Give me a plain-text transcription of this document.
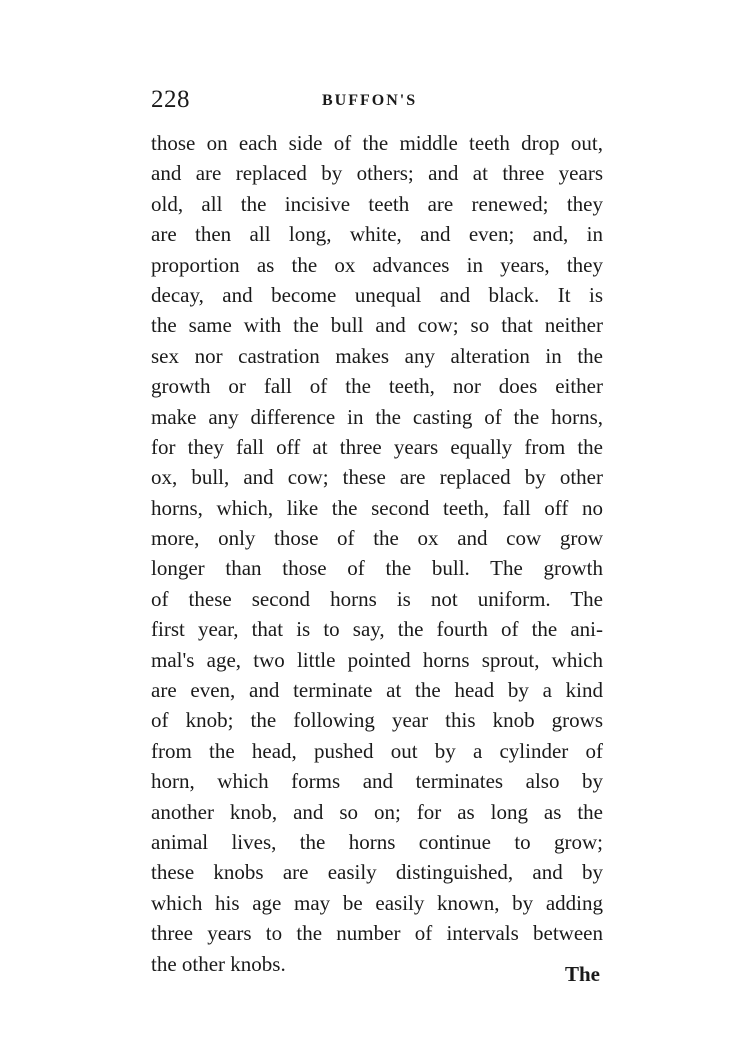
228	BUFFON'S
those on each side of the middle teeth drop out,
and are replaced by others; and at three years
old, all the incisive teeth are renewed; they
are then all long, white, and even; and, in
proportion as the ox advances in years, they
decay, and become unequal and black. It is
the same with the bull and cow; so that neither
sex nor castration makes any alteration in the
growth or fall of the teeth, nor does either
make any difference in the casting of the horns,
for they fall off at three years equally from the
ox, bull, and cow; these are replaced by other
horns, which, like the second teeth, fall off no
more, only those of the ox and cow grow
longer than those of the bull. The growth
of these second horns is not uniform. The
first year, that is to say, the fourth of the ani-
mal's age, two little pointed horns sprout, which
are even, and terminate at the head by a kind
of knob; the following year this knob grows
from the head, pushed out by a cylinder of
horn, which forms and terminates also by
another knob, and so on; for as long as the
animal lives, the horns continue to grow;
these knobs are easily distinguished, and by
which his age may be easily known, by adding
three years to the number of intervals between
the other knobs.	The
